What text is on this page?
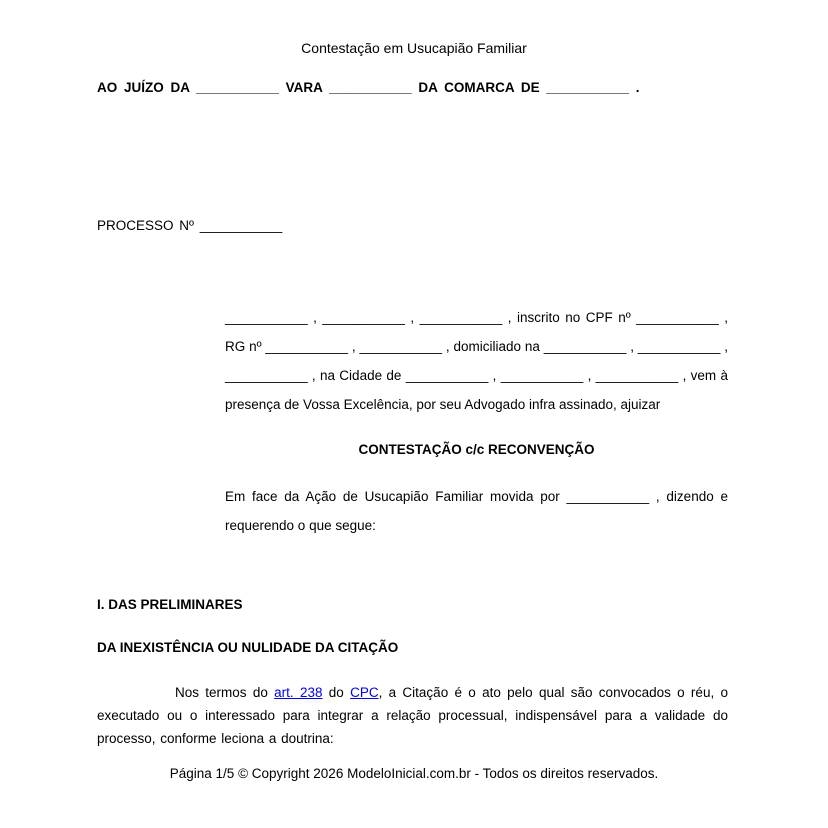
Contestação em Usucapião Familiar
AO JUÍZO DA ___________ VARA ___________ DA COMARCA DE ___________ .
PROCESSO Nº ___________

___________ , ___________ , ___________ , inscrito no CPF nº ___________ , RG nº ___________ , ___________ , domiciliado na ___________ , ___________ , ___________ , na Cidade de ___________ , ___________ , ___________ , vem à presença de Vossa Excelência, por seu Advogado infra assinado, ajuizar

CONTESTAÇÃO c/c RECONVENÇÃO

Em face da Ação de Usucapião Familiar movida por ___________ , dizendo e requerendo o que segue:

I. DAS PRELIMINARES

DA INEXISTÊNCIA OU NULIDADE DA CITAÇÃO

Nos termos do art. 238 do CPC, a Citação é o ato pelo qual são convocados o réu, o executado ou o interessado para integrar a relação processual, indispensável para a validade do processo, conforme leciona a doutrina:

Página 1/5 © Copyright 2026 ModeloInicial.com.br - Todos os direitos reservados.
